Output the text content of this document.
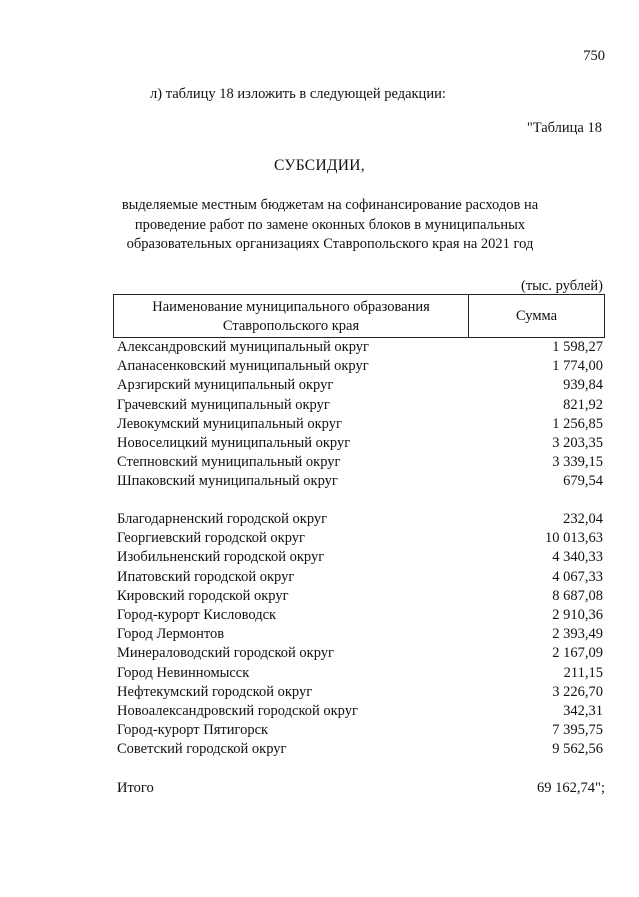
750
л) таблицу 18 изложить в следующей редакции:
"Таблица 18
СУБСИДИИ,
выделяемые местным бюджетам на софинансирование расходов на проведение работ по замене оконных блоков в муниципальных образовательных организациях Ставропольского края на 2021 год
(тыс. рублей)
Наименование муниципального образования Ставропольского края
Сумма
Александровский муниципальный округ	1 598,27
Апанасенковский муниципальный округ	1 774,00
Арзгирский муниципальный округ	939,84
Грачевский муниципальный округ	821,92
Левокумский муниципальный округ	1 256,85
Новоселицкий муниципальный округ	3 203,35
Степновский муниципальный округ	3 339,15
Шпаковский муниципальный округ	679,54
Благодарненский городской округ	232,04
Георгиевский городской округ	10 013,63
Изобильненский городской округ	4 340,33
Ипатовский городской округ	4 067,33
Кировский городской округ	8 687,08
Город-курорт Кисловодск	2 910,36
Город Лермонтов	2 393,49
Минераловодский городской округ	2 167,09
Город Невинномысск	211,15
Нефтекумский городской округ	3 226,70
Новоалександровский городской округ	342,31
Город-курорт Пятигорск	7 395,75
Советский городской округ	9 562,56
Итого	69 162,74";
